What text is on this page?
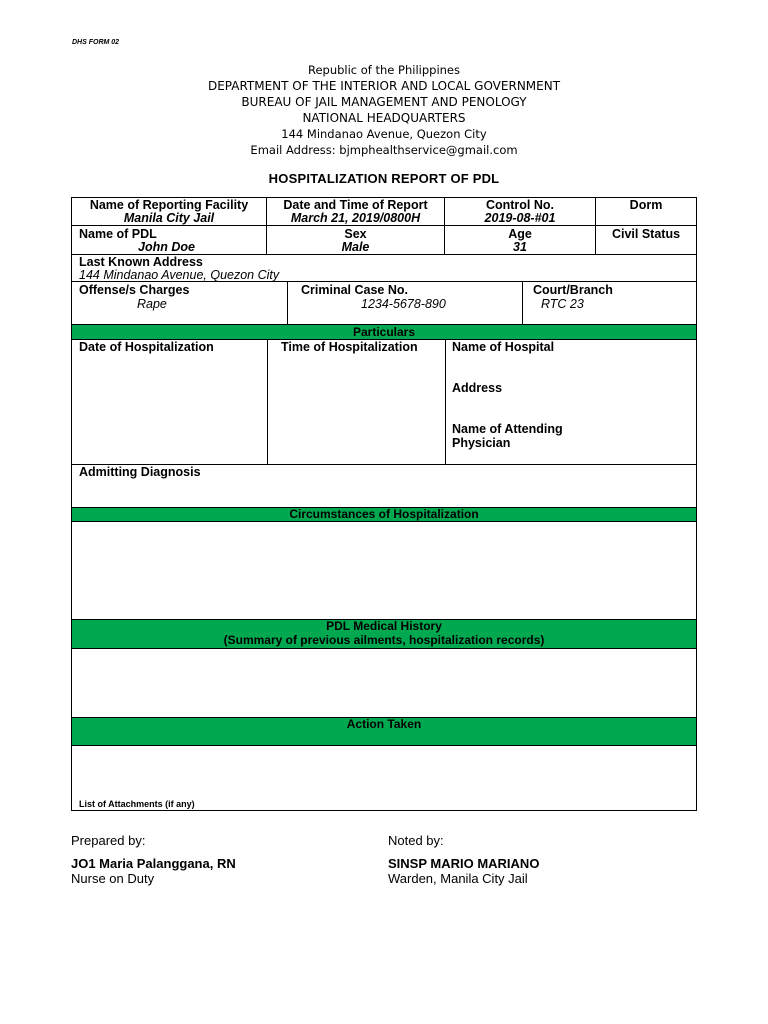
DHS FORM 02
Republic of the Philippines
DEPARTMENT OF THE INTERIOR AND LOCAL GOVERNMENT
BUREAU OF JAIL MANAGEMENT AND PENOLOGY
NATIONAL HEADQUARTERS
144 Mindanao Avenue, Quezon City
Email Address: bjmphealthservice@gmail.com
HOSPITALIZATION REPORT OF PDL
Name of Reporting Facility
Manila City Jail
Date and Time of Report
March 21, 2019/0800H
Control No.
2019-08-#01
Dorm
Name of PDL
John Doe
Sex
Male
Age
31
Civil Status
Last Known Address
144 Mindanao Avenue, Quezon City
Offense/s Charges
Rape
Criminal Case No.
1234-5678-890
Court/Branch
RTC 23
Particulars
Date of Hospitalization	Time of Hospitalization	Name of Hospital
Address
Name of Attending
Physician
Admitting Diagnosis
Circumstances of Hospitalization
PDL Medical History
(Summary of previous ailments, hospitalization records)
Action Taken
List of Attachments (if any)
Prepared by:
JO1 Maria Palanggana, RN
Nurse on Duty
Noted by:
SINSP MARIO MARIANO
Warden, Manila City Jail
